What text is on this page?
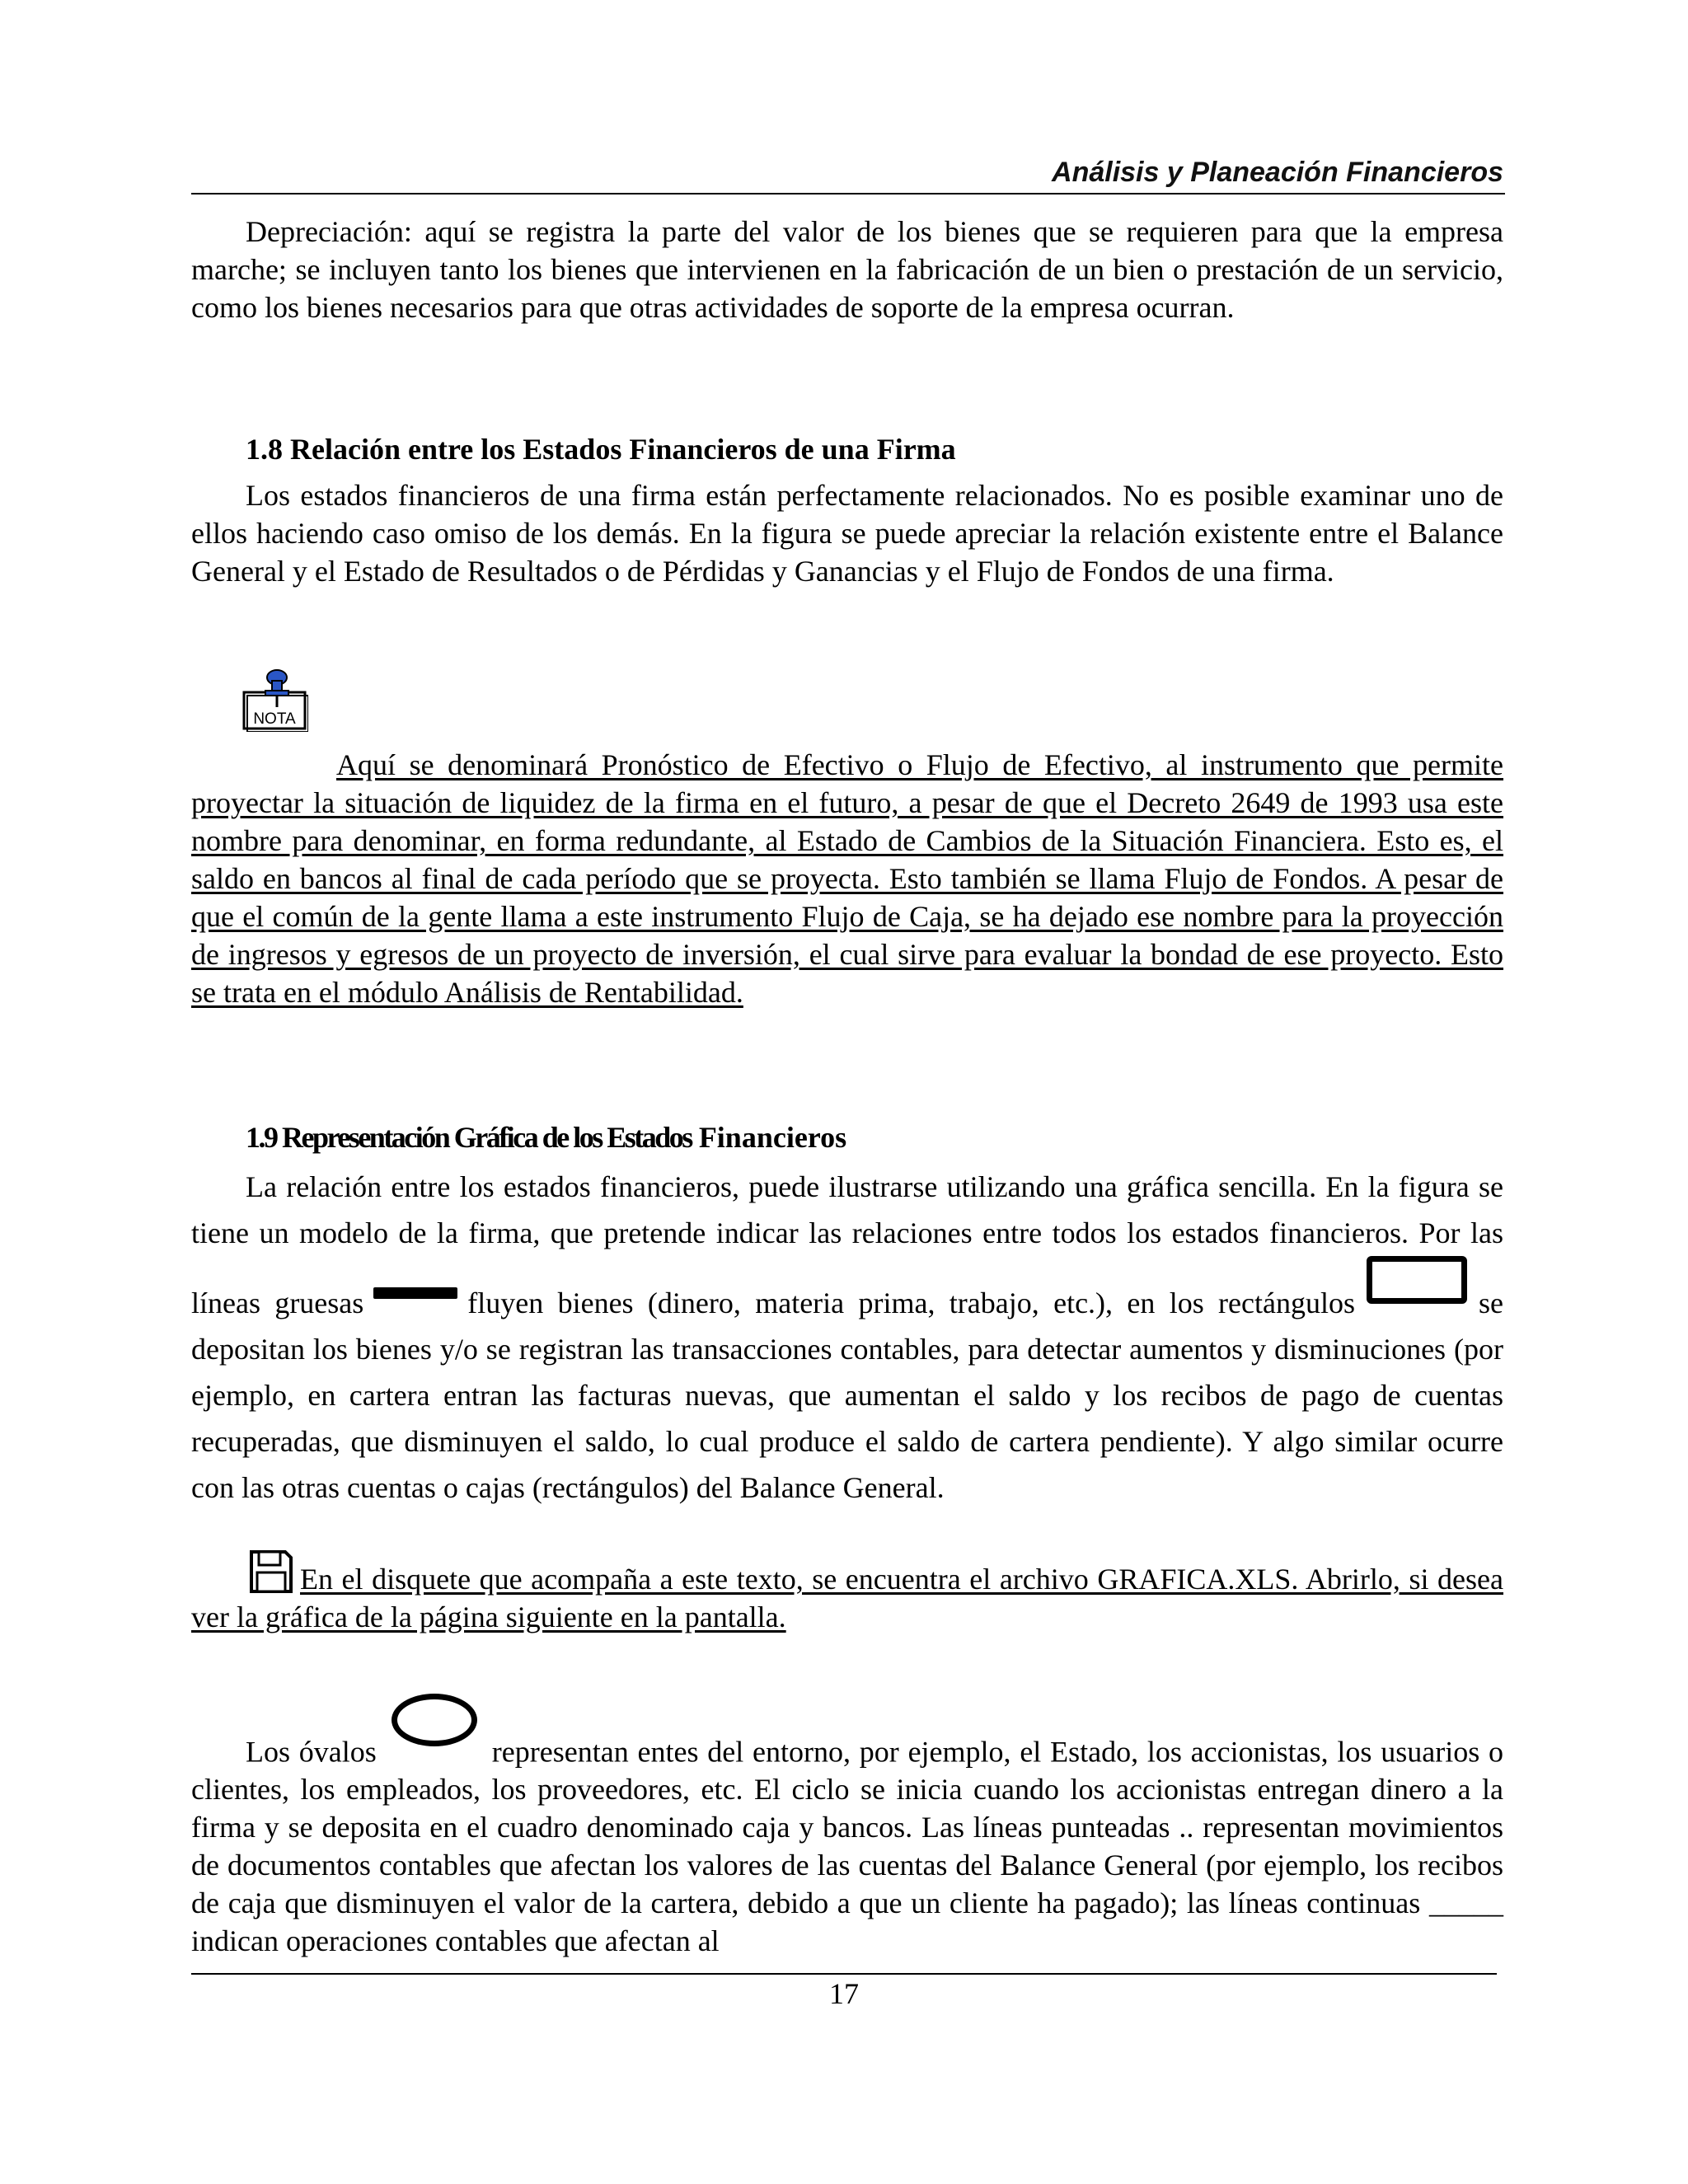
Análisis y Planeación Financieros

Depreciación: aquí se registra la parte del valor de los bienes que se requieren para que la empresa marche; se incluyen tanto los bienes que intervienen en la fabricación de un bien o prestación de un servicio, como los bienes necesarios para que otras actividades de soporte de la empresa ocurran.

1.8 Relación entre los Estados Financieros de una Firma

Los estados financieros de una firma están perfectamente relacionados. No es posible examinar uno de ellos haciendo caso omiso de los demás. En la figura se puede apreciar la relación existente entre el Balance General y el Estado de Resultados o de Pérdidas y Ganancias y el Flujo de Fondos de una firma.

NOTA

Aquí se denominará Pronóstico de Efectivo o Flujo de Efectivo, al instrumento que permite proyectar la situación de liquidez de la firma en el futuro, a pesar de que el Decreto 2649 de 1993 usa este nombre para denominar, en forma redundante, al Estado de Cambios de la Situación Financiera. Esto es, el saldo en bancos al final de cada período que se proyecta. Esto también se llama Flujo de Fondos. A pesar de que el común de la gente llama a este instrumento Flujo de Caja, se ha dejado ese nombre para la proyección de ingresos y egresos de un proyecto de inversión, el cual sirve para evaluar la bondad de ese proyecto. Esto se trata en el módulo Análisis de Rentabilidad.

1.9 Representación Gráfica de los Estados Financieros

La relación entre los estados financieros, puede ilustrarse utilizando una gráfica sencilla. En la figura se tiene un modelo de la firma, que pretende indicar las relaciones entre todos los estados financieros. Por las líneas gruesas	fluyen bienes (dinero, materia prima, trabajo, etc.), en los rectángulos	se depositan los bienes y/o se registran las transacciones contables, para detectar aumentos y disminuciones (por ejemplo, en cartera entran las facturas nuevas, que aumentan el saldo y los recibos de pago de cuentas recuperadas, que disminuyen el saldo, lo cual produce el saldo de cartera pendiente). Y algo similar ocurre con las otras cuentas o cajas (rectángulos) del Balance General.

En el disquete que acompaña a este texto, se encuentra el archivo GRAFICA.XLS. Abrirlo, si desea ver la gráfica de la página siguiente en la pantalla.

Los óvalos	representan entes del entorno, por ejemplo, el Estado, los accionistas, los usuarios o clientes, los empleados, los proveedores, etc. El ciclo se inicia cuando los accionistas entregan dinero a la firma y se deposita en el cuadro denominado caja y bancos. Las líneas punteadas .. representan movimientos de documentos contables que afectan los valores de las cuentas del Balance General (por ejemplo, los recibos de caja que disminuyen el valor de la cartera, debido a que un cliente ha pagado); las líneas continuas _____ indican operaciones contables que afectan al

17
